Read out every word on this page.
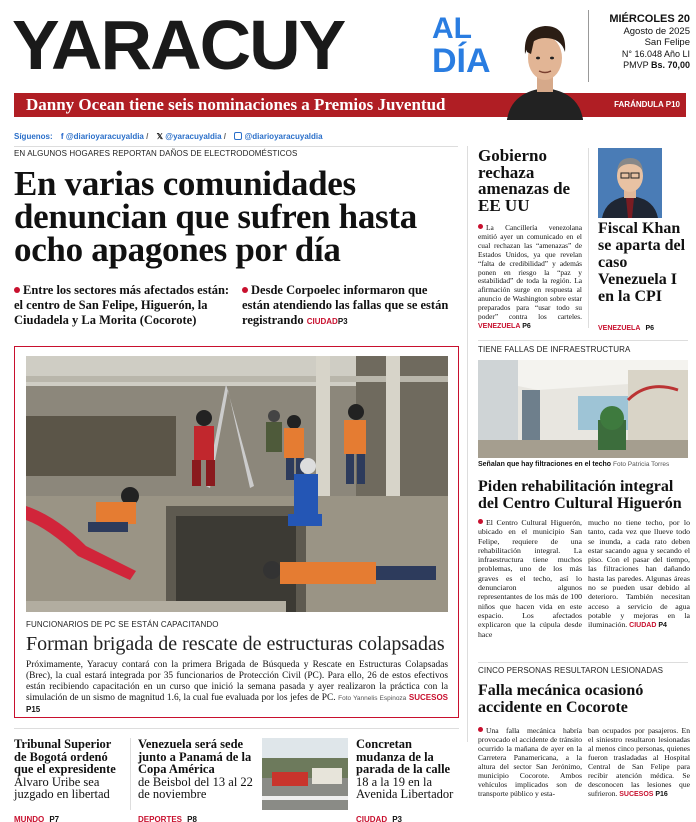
YARACUY	AL
DÍA
MIÉRCOLES 20
Agosto de 2025
San Felipe
N° 16.048 Año LI
PMVP Bs. 70,00
Danny Ocean tiene seis nominaciones a Premios Juventud	FARÁNDULA P10
Síguenos: f @diarioyaracuyaldia / 𝕏 @yaracuyaldia / @diarioyaracuyaldia
EN ALGUNOS HOGARES REPORTAN DAÑOS DE ELECTRODOMÉSTICOS
En varias comunidades denuncian que sufren hasta ocho apagones por día
Entre los sectores más afectados están: el centro de San Felipe, Higuerón, la Ciudadela y La Morita (Cocorote)
Desde Corpoelec informaron que están atendiendo las fallas que se están registrando CIUDADP3
FUNCIONARIOS DE PC SE ESTÁN CAPACITANDO
Forman brigada de rescate de estructuras colapsadas
Próximamente, Yaracuy contará con la primera Brigada de Búsqueda y Rescate en Estructuras Colapsadas (Brec), la cual estará integrada por 35 funcionarios de Protección Civil (PC). Para ello, 26 de estos efectivos están recibiendo capacitación en un curso que inició la semana pasada y ayer realizaron la práctica con la simulación de un sismo de magnitud 1.6, la cual fue evaluada por los jefes de PC. Foto Yannelis Espinoza SUCESOS P15
Gobierno rechaza amenazas de EE UU
La Cancillería venezolana emitió ayer un comunicado en el cual rechazan las “amenazas” de Estados Unidos, ya que revelan “falta de credibilidad” y además ponen en riesgo la “paz y estabilidad” de toda la región. La afirmación surge en respuesta al anuncio de Washington sobre estar preparados para “usar todo su poder” contra los carteles. VENEZUELA P6
Fiscal Khan se aparta del caso Venezuela I en la CPI
VENEZUELA P6
TIENE FALLAS DE INFRAESTRUCTURA
Señalan que hay filtraciones en el techo Foto Patricia Torres
Piden rehabilitación integral del Centro Cultural Higuerón
El Centro Cultural Higuerón, ubicado en el municipio San Felipe, requiere de una rehabilitación integral. La infraestructura tiene muchos problemas, uno de los más graves es el techo, así lo denunciaron algunos representantes de los más de 100 niños que hacen vida en este espacio. Los afectados explicaron que la cúpula desde hace
mucho no tiene techo, por lo tanto, cada vez que llueve todo se inunda, a cada rato deben estar sacando agua y secando el piso. Con el pasar del tiempo, las filtraciones han dañando hasta las paredes. Algunas áreas no se pueden usar debido al deterioro. También necesitan acceso a servicio de agua potable y mejoras en la iluminación. CIUDAD P4
CINCO PERSONAS RESULTARON LESIONADAS
Falla mecánica ocasionó accidente en Cocorote
Una falla mecánica habría provocado el accidente de tránsito ocurrido la mañana de ayer en la Carretera Panamericana, a la altura del sector San Jerónimo, municipio Cocorote. Ambos vehículos implicados son de transporte público y esta-
ban ocupados por pasajeros. En el siniestro resultaron lesionadas al menos cinco personas, quienes fueron trasladadas al Hospital Central de San Felipe para recibir atención médica. Se desconocen las lesiones que sufrieron. SUCESOS P16
Tribunal Superior de Bogotá ordenó que el expresidente
Álvaro Uribe sea juzgado en libertad
MUNDO P7
Venezuela será sede junto a Panamá de la Copa América
de Beisbol del 13 al 22 de noviembre
DEPORTES P8
Concretan mudanza de la parada de la calle
18 a la 19 en la Avenida Libertador
CIUDAD P3
